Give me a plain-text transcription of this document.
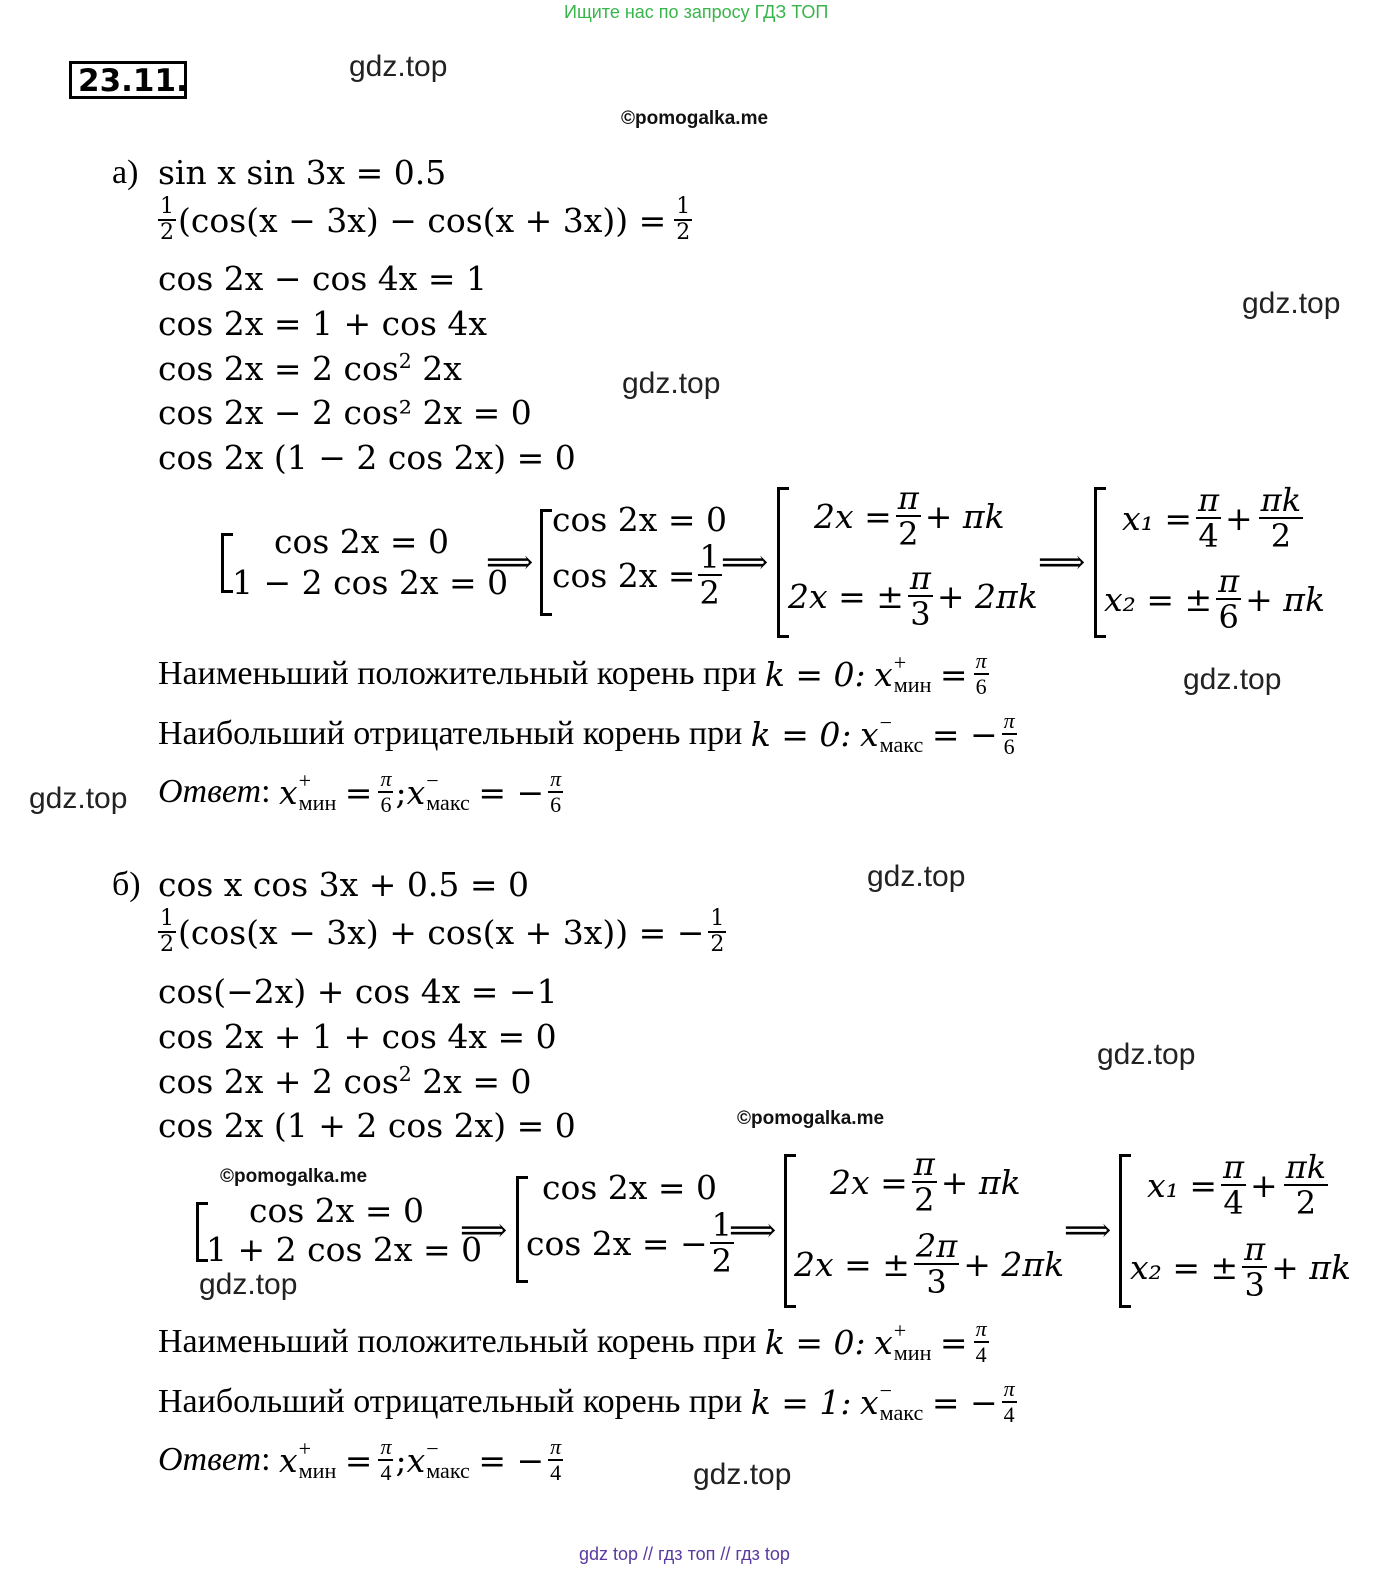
Ищите нас по запросу ГДЗ ТОП
gdz top // гдз топ // гдз top
23.11.	gdz.top
©pomogalka.me
gdz.top
gdz.top
gdz.top
gdz.top
gdz.top
gdz.top
©pomogalka.me
©pomogalka.me
gdz.top
gdz.top
а) sin x sin 3x = 0.5
$\frac{1}{2} (\cos(x - 3x) - \cos(x + 3x)) = \frac{1}{2}$
cos 2x − cos 4x = 1
cos 2x = 1 + cos 4x
cos 2x = 2 $\cos^2 2x$
cos 2x − 2 cos² 2x = 0
cos 2x (1 − 2 cos 2x) = 0
cos 2x = 0
1 − 2 cos 2x = 0
⟹
cos 2x = 0
$\cos 2x = \frac{1}{2}$ ⟹
$2x = \frac{\pi}{2} + \pi k$
2x = ± $\frac{\pi}{3} + 2\pi k$
⟹
$x_1 = \frac{\pi}{4} + \frac{\pi k}{2}$
x₂ = ± $\frac{\pi}{6} + \pi k$
Наименьший положительный корень при
k = 0:
x +
мин
= $\frac{\pi}{6}$
Наибольший отрицательный корень при
k = 0:
x −
макс
= − $\frac{\pi}{6}$
Ответ :
x +
мин
= $\frac{\pi}{6}$ ; x −
макс
= − $\frac{\pi}{6}$
б) cos x cos 3x + 0.5 = 0
$\frac{1}{2} (\cos(x - 3x) + \cos(x + 3x))$ = − $\frac{1}{2}$
cos(−2x) + cos 4x = −1
cos 2x + 1 + cos 4x = 0
cos 2x + 2 $\cos^2 2x = 0$
cos 2x (1 + 2 cos 2x) = 0
cos 2x = 0
1 + 2 cos 2x = 0
⟹
cos 2x = 0
cos 2x = − $\frac{1}{2}$
⟹
$2x = \frac{\pi}{2} + \pi k$
2x = ± $\frac{2\pi}{3} + 2\pi k$
⟹
$x_1 = \frac{\pi}{4} + \frac{\pi k}{2}$
x₂ = ± $\frac{\pi}{3} + \pi k$
Наименьший положительный корень при
k = 0:
x +
мин
= $\frac{\pi}{4}$
Наибольший отрицательный корень при
k = 1:
x −
макс
= − $\frac{\pi}{4}$
Ответ :
x +
мин
= $\frac{\pi}{4}$ ; x −
макс
= − $\frac{\pi}{4}$
